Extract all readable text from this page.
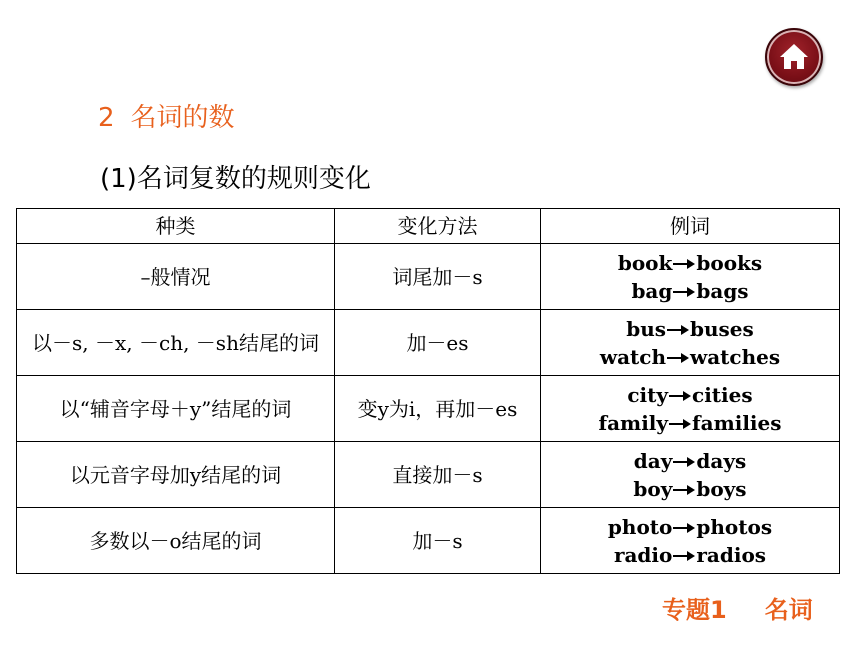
2 名词的数
(1)名词复数的规则变化
种类	变化方法	例词
–般情况	词尾加－s	book books
bag bags

以－s, －x, －ch, －sh结尾的词	加－es	bus buses
watch watches

以“辅音字母＋y”结尾的词	变y为i，再加－es	city cities
family families

以元音字母加y结尾的词	直接加－s	day days
boy boys

多数以－o结尾的词	加－s	photo photos
radio radios
专题1 名词
